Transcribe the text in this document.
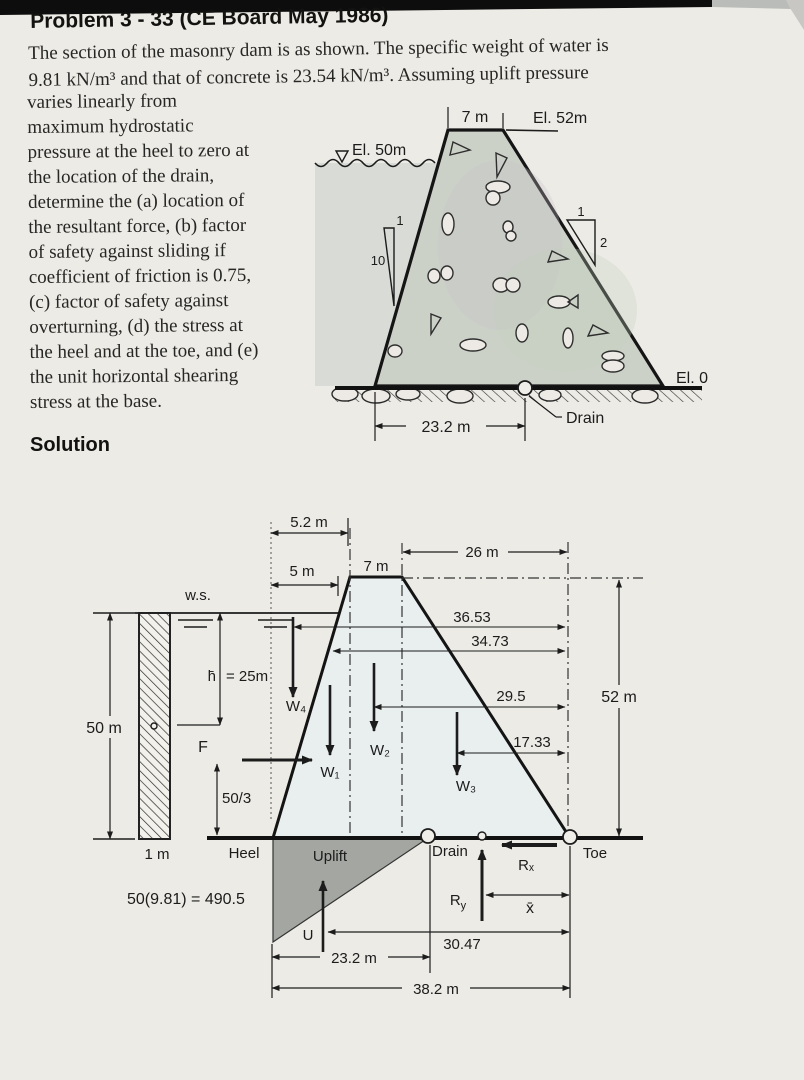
Problem 3 - 33 (CE Board May 1986)
The section of the masonry dam is as shown. The specific weight of water is
9.81 kN/m³ and that of concrete is 23.54 kN/m³. Assuming uplift pressure
varies linearly from
maximum hydrostatic
pressure at the heel to zero at
the location of the drain,
determine the (a) location of
the resultant force, (b) factor
of safety against sliding if
coefficient of friction is 0.75,
(c) factor of safety against
overturning, (d) the stress at
the heel and at the toe, and (e)
the unit horizontal shearing
stress at the base.
Solution
El. 50m
7 m	El. 52m
1
10
1
2
El. 0
Drain
23.2 m
5.2 m
5 m	7 m
26 m
w.s.
50 m
h̄ = 25m
F
50/3
W₄
W₁
W₂
W₃
36.53
34.73
29.5
17.33
52 m
Uplift
U
1 m	Heel
50(9.81) = 490.5
Drain	Toe
Rₓ
$R_y$	x̄
30.47
23.2 m
38.2 m
